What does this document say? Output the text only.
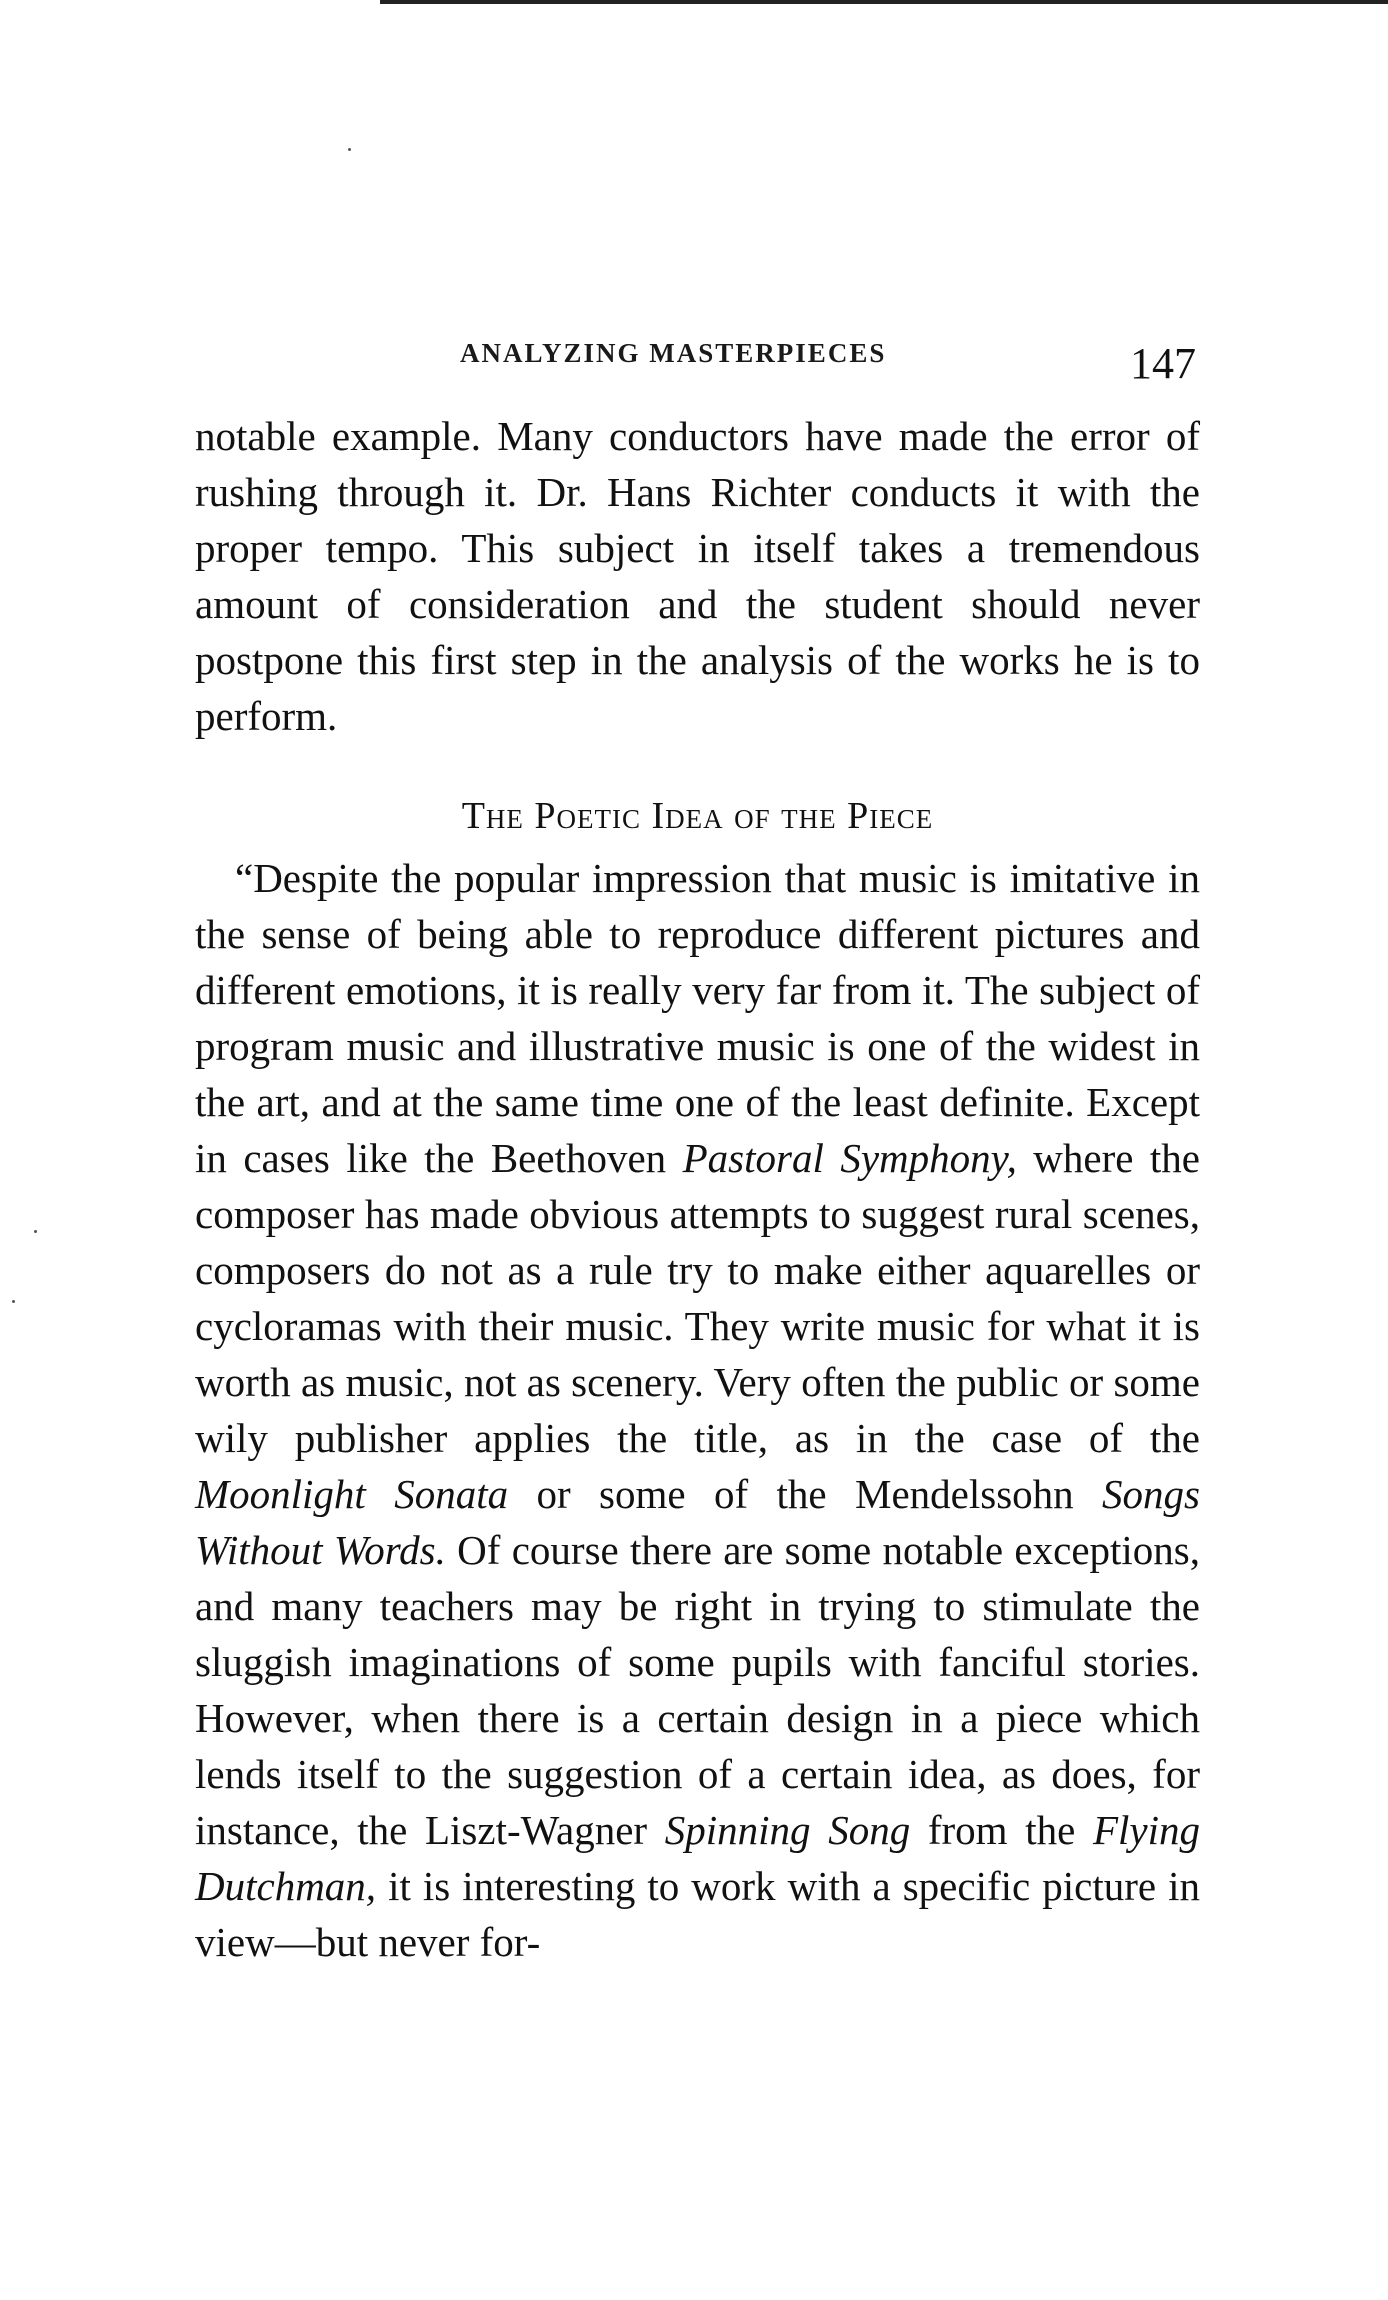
ANALYZING MASTERPIECES	147

notable example. Many conductors have made the error of rushing through it. Dr. Hans Richter conducts it with the proper tempo. This subject in itself takes a tremendous amount of consideration and the student should never postpone this first step in the analysis of the works he is to perform.

The Poetic Idea of the Piece

“Despite the popular impression that music is imitative in the sense of being able to reproduce different pictures and different emotions, it is really very far from it. The subject of program music and illustrative music is one of the widest in the art, and at the same time one of the least definite. Except in cases like the Beethoven Pastoral Symphony, where the composer has made obvious attempts to suggest rural scenes, composers do not as a rule try to make either aquarelles or cycloramas with their music. They write music for what it is worth as music, not as scenery. Very often the public or some wily publisher applies the title, as in the case of the Moonlight Sonata or some of the Mendelssohn Songs Without Words. Of course there are some notable exceptions, and many teachers may be right in trying to stimulate the sluggish imaginations of some pupils with fanciful stories. However, when there is a certain design in a piece which lends itself to the suggestion of a certain idea, as does, for instance, the Liszt-Wagner Spinning Song from the Flying Dutchman, it is interesting to work with a specific picture in view—but never for-
